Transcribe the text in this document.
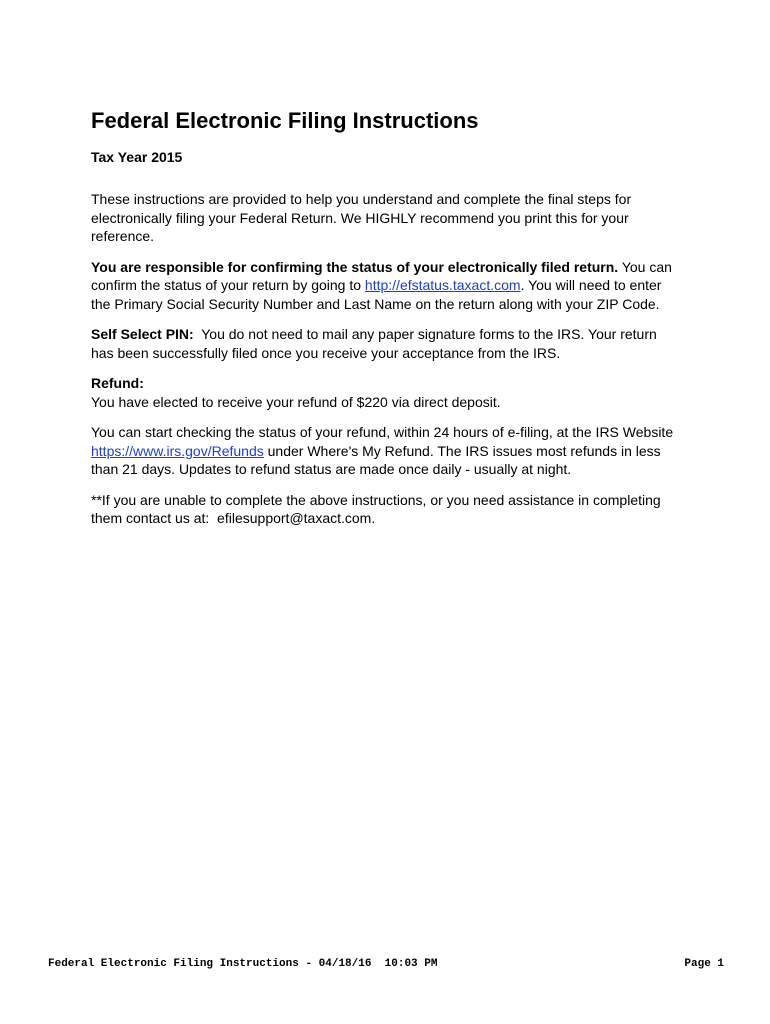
Federal Electronic Filing Instructions
Tax Year 2015

These instructions are provided to help you understand and complete the final steps for electronically filing your Federal Return. We HIGHLY recommend you print this for your reference.

You are responsible for confirming the status of your electronically filed return. You can confirm the status of your return by going to http://efstatus.taxact.com. You will need to enter the Primary Social Security Number and Last Name on the return along with your ZIP Code.

Self Select PIN:  You do not need to mail any paper signature forms to the IRS. Your return has been successfully filed once you receive your acceptance from the IRS.

Refund:
You have elected to receive your refund of $220 via direct deposit.

You can start checking the status of your refund, within 24 hours of e-filing, at the IRS Website https://www.irs.gov/Refunds under Where's My Refund. The IRS issues most refunds in less than 21 days. Updates to refund status are made once daily - usually at night.

**If you are unable to complete the above instructions, or you need assistance in completing them contact us at:  efilesupport@taxact.com.

Federal Electronic Filing Instructions - 04/18/16  10:03 PM	Page 1
